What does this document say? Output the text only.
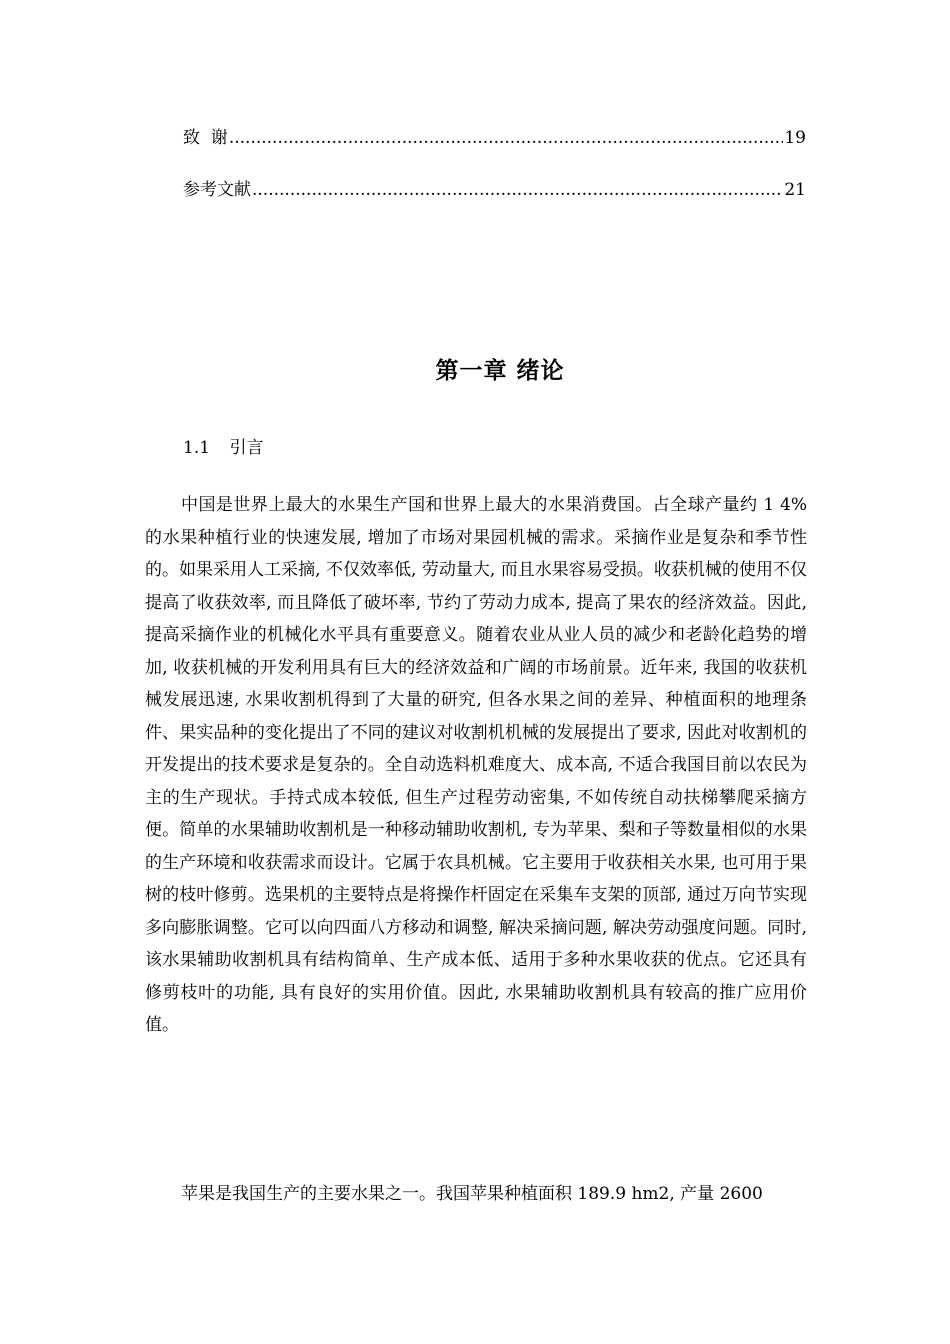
致  谢 .....	19
参考文献 .....	21
第一章 绪论
1.1 引言

中国是世界上最大的水果生产国和世界上最大的水果消费国。占全球产量约 1 4% 的水果种植行业的快速发展, 增加了市场对果园机械的需求。采摘作业是复杂和季节性的。如果采用人工采摘, 不仅效率低, 劳动量大, 而且水果容易受损。收获机械的使用不仅提高了收获效率, 而且降低了破坏率, 节约了劳动力成本, 提高了果农的经济效益。因此, 提高采摘作业的机械化水平具有重要意义。随着农业从业人员的减少和老龄化趋势的增加, 收获机械的开发利用具有巨大的经济效益和广阔的市场前景。近年来, 我国的收获机械发展迅速, 水果收割机得到了大量的研究, 但各水果之间的差异、种植面积的地理条件、果实品种的变化提出了不同的建议对收割机机械的发展提出了要求, 因此对收割机的开发提出的技术要求是复杂的。全自动选料机难度大、成本高, 不适合我国目前以农民为主的生产现状。手持式成本较低, 但生产过程劳动密集, 不如传统自动扶梯攀爬采摘方便。简单的水果辅助收割机是一种移动辅助收割机, 专为苹果、梨和子等数量相似的水果的生产环境和收获需求而设计。它属于农具机械。它主要用于收获相关水果, 也可用于果树的枝叶修剪。选果机的主要特点是将操作杆固定在采集车支架的顶部, 通过万向节实现多向膨胀调整。它可以向四面八方移动和调整, 解决采摘问题, 解决劳动强度问题。同时, 该水果辅助收割机具有结构简单、生产成本低、适用于多种水果收获的优点。它还具有修剪枝叶的功能, 具有良好的实用价值。因此, 水果辅助收割机具有较高的推广应用价值。

苹果是我国生产的主要水果之一。我国苹果种植面积 189.9 hm2, 产量 2600
